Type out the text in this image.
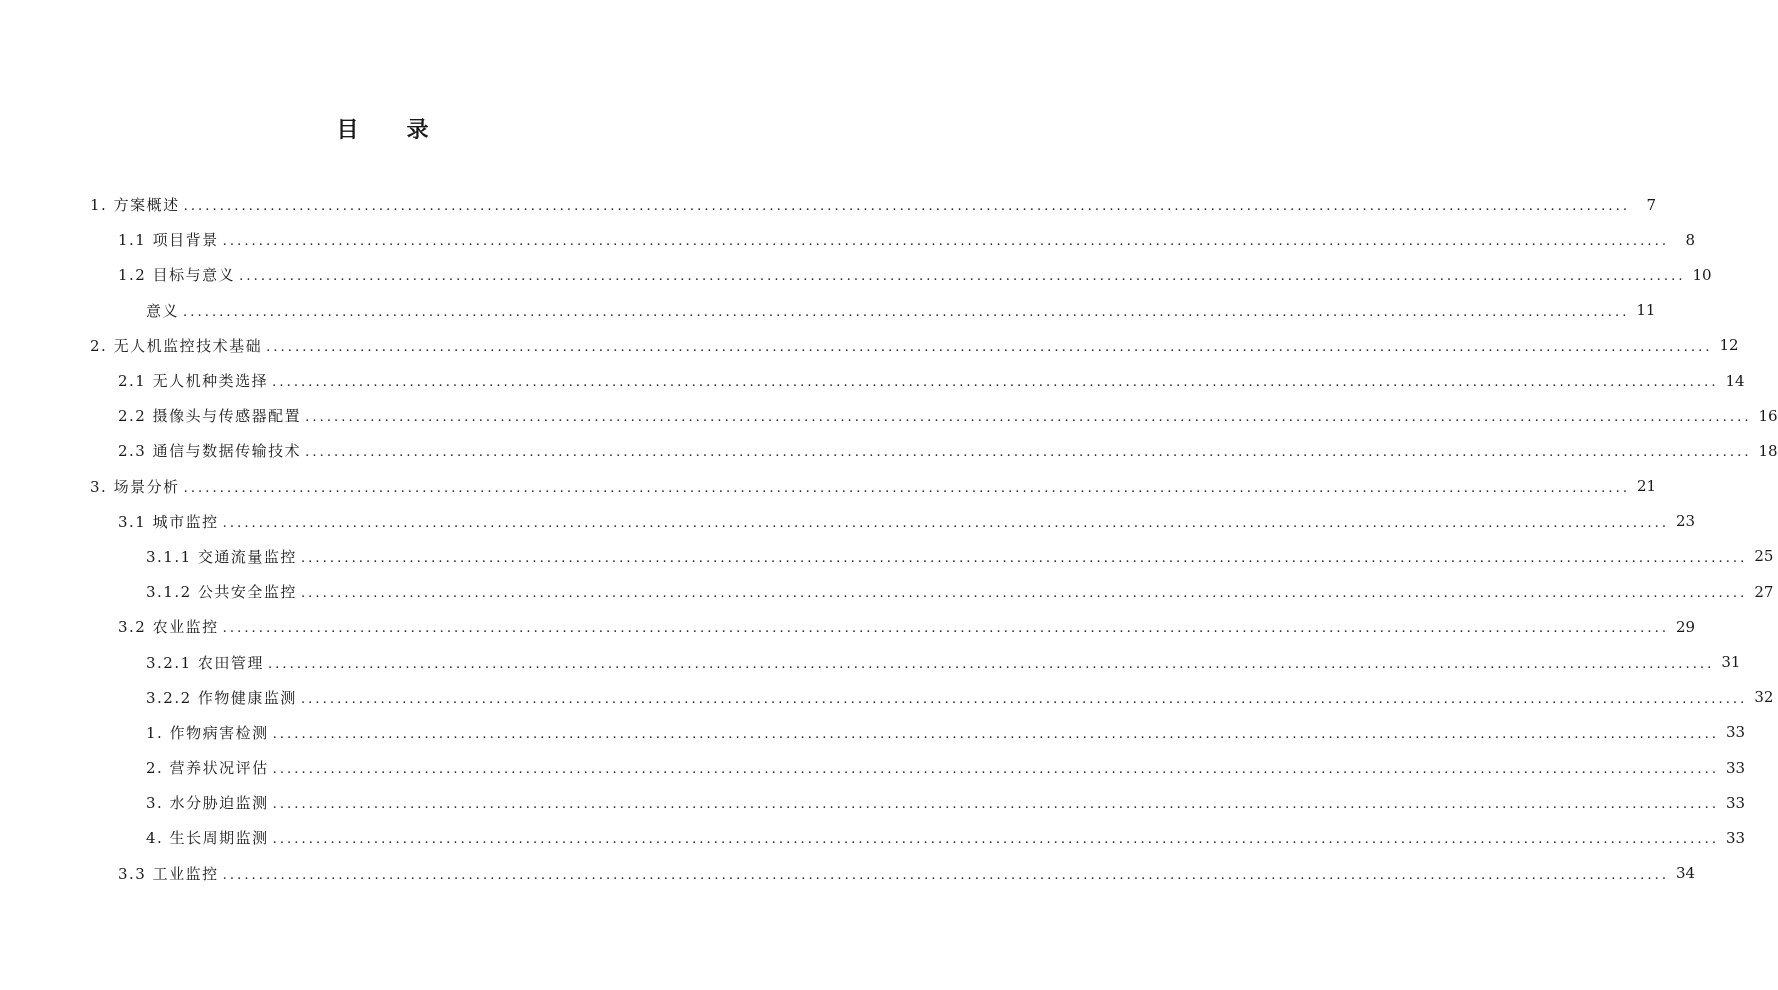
目 录
1. 方案概述 ........................................................................................................................................................................................................	7
1.1 项目背景 ........................................................................................................................................................................................................	8
1.2 目标与意义 ........................................................................................................................................................................................................ 10
意义 ........................................................................................................................................................................................................ 11
2. 无人机监控技术基础 ........................................................................................................................................................................................................ 12
2.1 无人机种类选择 ........................................................................................................................................................................................................ 14
2.2 摄像头与传感器配置 ........................................................................................................................................................................................................ 16
2.3 通信与数据传输技术 ........................................................................................................................................................................................................ 18
3. 场景分析 ........................................................................................................................................................................................................ 21
3.1 城市监控 ........................................................................................................................................................................................................ 23
3.1.1 交通流量监控 ........................................................................................................................................................................................................ 25
3.1.2 公共安全监控 ........................................................................................................................................................................................................ 27
3.2 农业监控 ........................................................................................................................................................................................................ 29
3.2.1 农田管理 ........................................................................................................................................................................................................ 31
3.2.2 作物健康监测 ........................................................................................................................................................................................................ 32
1. 作物病害检测 ........................................................................................................................................................................................................ 33
2. 营养状况评估 ........................................................................................................................................................................................................ 33
3. 水分胁迫监测 ........................................................................................................................................................................................................ 33
4. 生长周期监测 ........................................................................................................................................................................................................ 33
3.3 工业监控 ........................................................................................................................................................................................................ 34
